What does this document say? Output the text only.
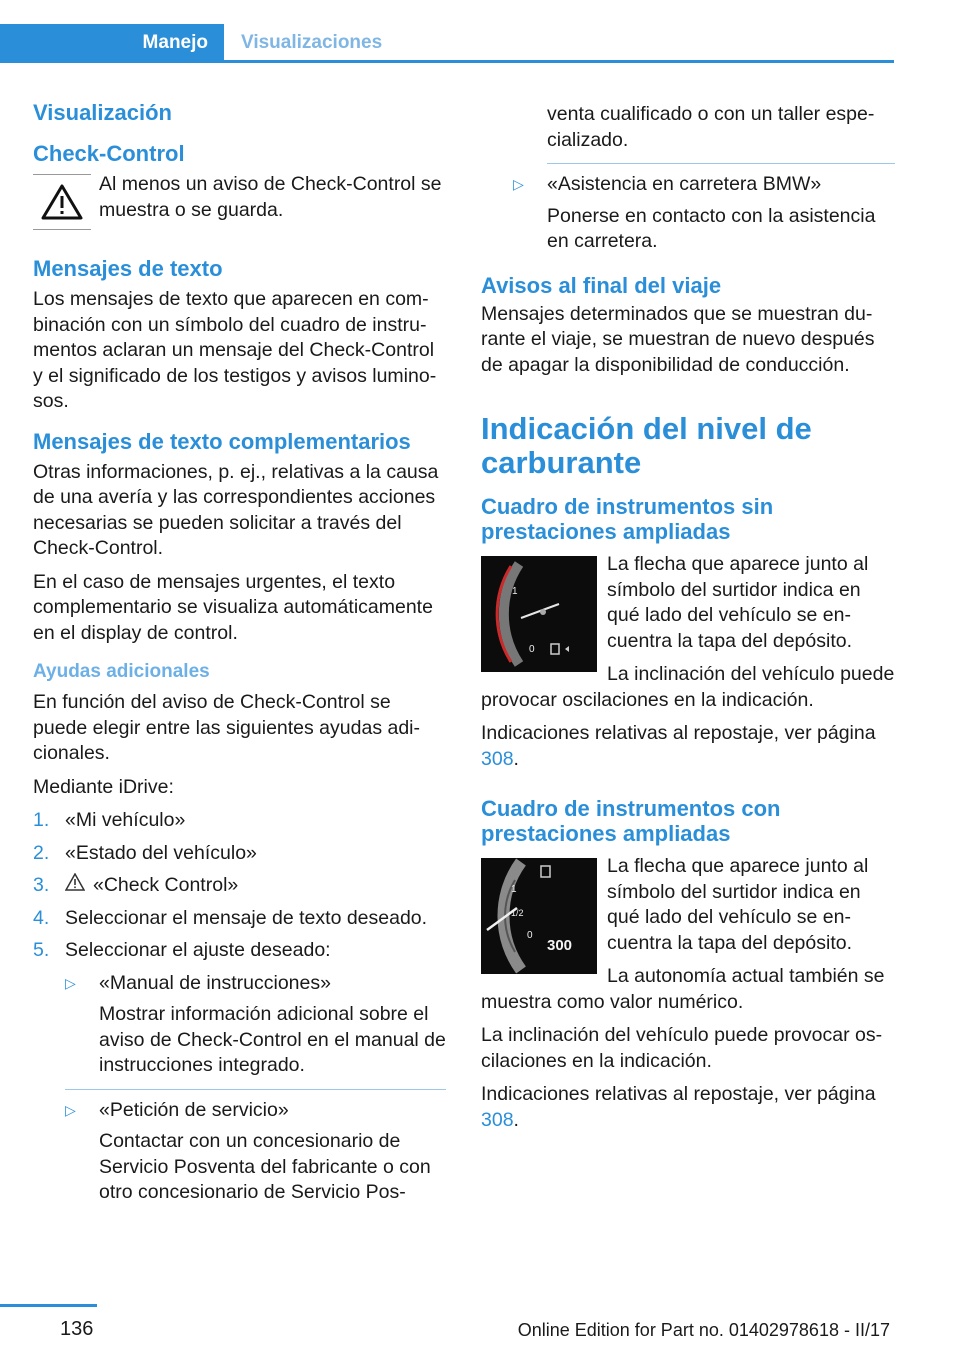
Manejo Visualizaciones
Visualización
Check-Control
Al menos un aviso de Check-Control se muestra o se guarda.
Mensajes de texto

Los mensajes de texto que aparecen en combinación con un símbolo del cuadro de instrumentos aclaran un mensaje del Check-Control y el significado de los testigos y avisos luminosos.

Mensajes de texto complementarios

Otras informaciones, p. ej., relativas a la causa de una avería y las correspondientes acciones necesarias se pueden solicitar a través del Check-Control.

En el caso de mensajes urgentes, el texto complementario se visualiza automáticamente en el display de control.

Ayudas adicionales

En función del aviso de Check-Control se puede elegir entre las siguientes ayudas adicionales.

Mediante iDrive:

1. «Mi vehículo»
2. «Estado del vehículo»
3.	«Check Control»
4. Seleccionar el mensaje de texto deseado.
5. Seleccionar el ajuste deseado:
▷	«Manual de instrucciones»
Mostrar información adicional sobre el aviso de Check-Control en el manual de instrucciones integrado.
▷	«Petición de servicio»
Contactar con un concesionario de Servicio Posventa del fabricante o con otro concesionario de Servicio Pos-
venta cualificado o con un taller especializado.
▷	«Asistencia en carretera BMW»
Ponerse en contacto con la asistencia en carretera.
Avisos al final del viaje

Mensajes determinados que se muestran durante el viaje, se muestran de nuevo después de apagar la disponibilidad de conducción.

Indicación del nivel de carburante
Cuadro de instrumentos sin prestaciones ampliadas
1
0

La flecha que aparece junto al símbolo del surtidor indica en qué lado del vehículo se encuentra la tapa del depósito.

La inclinación del vehículo puede provocar oscilaciones en la indicación.

Indicaciones relativas al repostaje, ver página 308.

Cuadro de instrumentos con prestaciones ampliadas
1
1/2
0
300

La flecha que aparece junto al símbolo del surtidor indica en qué lado del vehículo se encuentra la tapa del depósito.

La autonomía actual también se muestra como valor numérico.

La inclinación del vehículo puede provocar oscilaciones en la indicación.

Indicaciones relativas al repostaje, ver página 308.

136	Online Edition for Part no. 01402978618 - II/17
